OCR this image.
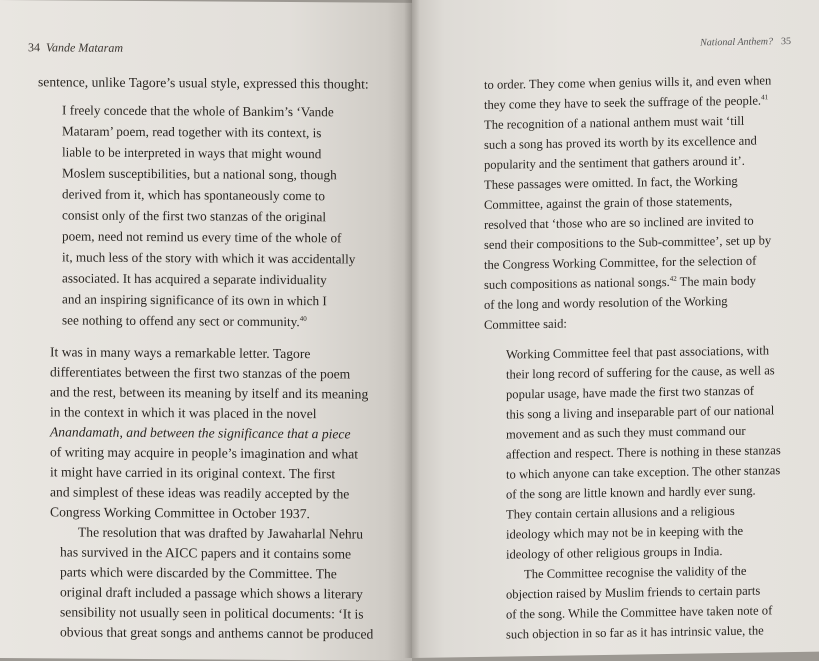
34 Vande Mataram
sentence, unlike Tagore’s usual style, expressed this thought:
I freely concede that the whole of Bankim’s ‘Vande
Mataram’ poem, read together with its context, is
liable to be interpreted in ways that might wound
Moslem susceptibilities, but a national song, though
derived from it, which has spontaneously come to
consist only of the first two stanzas of the original
poem, need not remind us every time of the whole of
it, much less of the story with which it was accidentally
associated. It has acquired a separate individuality
and an inspiring significance of its own in which I
see nothing to offend any sect or community.$^{40}$
It was in many ways a remarkable letter. Tagore
differentiates between the first two stanzas of the poem
and the rest, between its meaning by itself and its meaning
in the context in which it was placed in the novel
Anandamath, and between the significance that a piece
of writing may acquire in people’s imagination and what
it might have carried in its original context. The first
and simplest of these ideas was readily accepted by the
Congress Working Committee in October 1937.
The resolution that was drafted by Jawaharlal Nehru
has survived in the AICC papers and it contains some
parts which were discarded by the Committee. The
original draft included a passage which shows a literary
sensibility not usually seen in political documents: ‘It is
obvious that great songs and anthems cannot be produced
National Anthem? 35
to order. They come when genius wills it, and even when
they come they have to seek the suffrage of the people.$^{41}$
The recognition of a national anthem must wait ‘till
such a song has proved its worth by its excellence and
popularity and the sentiment that gathers around it’.
These passages were omitted. In fact, the Working
Committee, against the grain of those statements,
resolved that ‘those who are so inclined are invited to
send their compositions to the Sub-committee’, set up by
the Congress Working Committee, for the selection of
such compositions as national songs.$^{42}$ The main body
of the long and wordy resolution of the Working
Committee said:
Working Committee feel that past associations, with
their long record of suffering for the cause, as well as
popular usage, have made the first two stanzas of
this song a living and inseparable part of our national
movement and as such they must command our
affection and respect. There is nothing in these stanzas
to which anyone can take exception. The other stanzas
of the song are little known and hardly ever sung.
They contain certain allusions and a religious
ideology which may not be in keeping with the
ideology of other religious groups in India.
The Committee recognise the validity of the
objection raised by Muslim friends to certain parts
of the song. While the Committee have taken note of
such objection in so far as it has intrinsic value, the
